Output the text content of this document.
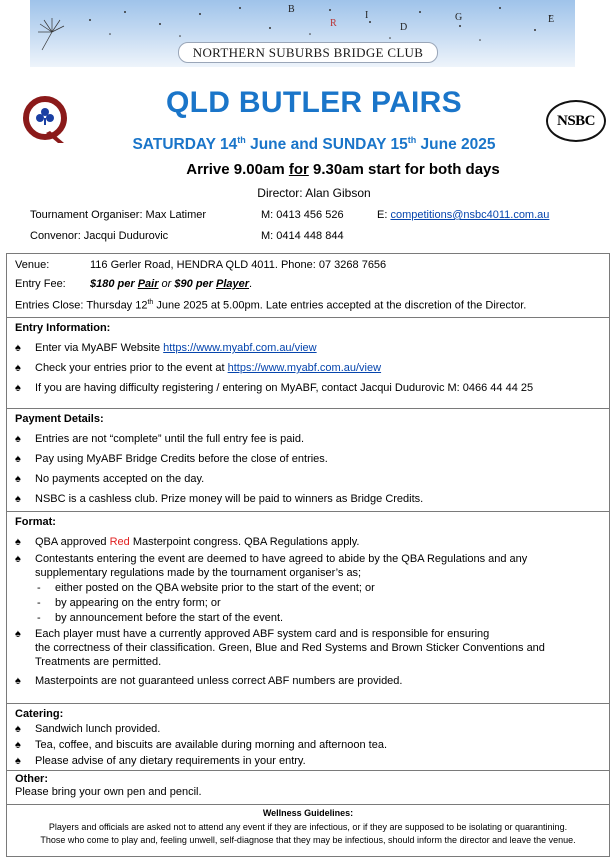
B
R
I
D
G	E
NORTHERN SUBURBS BRIDGE CLUB
Q
NSBC
QLD BUTLER PAIRS
SATURDAY 14th June and SUNDAY 15th June 2025
Arrive 9.00am for 9.30am start for both days
Director: Alan Gibson
Tournament Organiser: Max Latimer	M: 0413 456 526	E: competitions@nsbc4011.com.au
Convenor: Jacqui Dudurovic	M: 0414 448 844
Venue:	116 Gerler Road, HENDRA QLD 4011. Phone: 07 3268 7656
Entry Fee: $180 per Pair or $90 per Player.
Entries Close: Thursday 12th June 2025 at 5.00pm. Late entries accepted at the discretion of the Director.
Entry Information:
♠ Enter via MyABF Website https://www.myabf.com.au/view
♠ Check your entries prior to the event at https://www.myabf.com.au/view
♠ If you are having difficulty registering / entering on MyABF, contact Jacqui Dudurovic M: 0466 44 44 25
Payment Details:
♠ Entries are not “complete” until the full entry fee is paid.
♠ Pay using MyABF Bridge Credits before the close of entries.
♠ No payments accepted on the day.
♠ NSBC is a cashless club. Prize money will be paid to winners as Bridge Credits.
Format:
♠ QBA approved Red Masterpoint congress. QBA Regulations apply.
♠ Contestants entering the event are deemed to have agreed to abide by the QBA Regulations and any supplementary regulations made by the tournament organiser’s as;
- either posted on the QBA website prior to the start of the event; or
- by appearing on the entry form; or
- by announcement before the start of the event.
♠ Each player must have a currently approved ABF system card and is responsible for ensuring
the correctness of their classification. Green, Blue and Red Systems and Brown Sticker Conventions and Treatments are permitted.
♠ Masterpoints are not guaranteed unless correct ABF numbers are provided.
Catering:
♠ Sandwich lunch provided.
♠ Tea, coffee, and biscuits are available during morning and afternoon tea.
♠ Please advise of any dietary requirements in your entry.
Other:
Please bring your own pen and pencil.
Wellness Guidelines:
Players and officials are asked not to attend any event if they are infectious, or if they are supposed to be isolating or quarantining.
Those who come to play and, feeling unwell, self-diagnose that they may be infectious, should inform the director and leave the venue.
